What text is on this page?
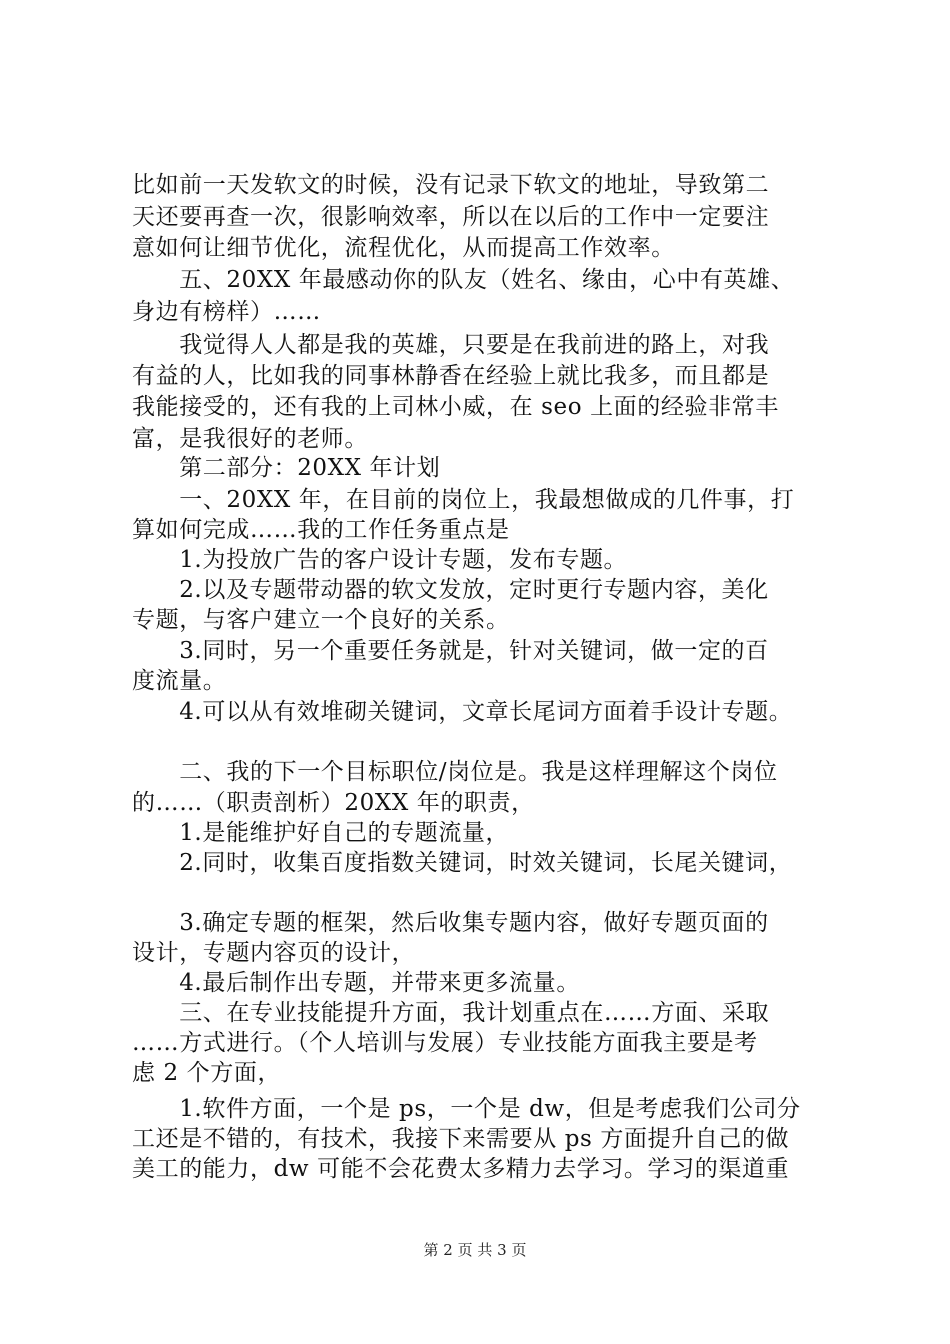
比如前一天发软文的时候，没有记录下软文的地址，导致第二

天还要再查一次，很影响效率，所以在以后的工作中一定要注

意如何让细节优化，流程优化，从而提高工作效率。

　　五、20XX 年最感动你的队友（姓名、缘由，心中有英雄、

身边有榜样）……

　　我觉得人人都是我的英雄，只要是在我前进的路上，对我

有益的人，比如我的同事林静香在经验上就比我多，而且都是

我能接受的，还有我的上司林小威，在 seo 上面的经验非常丰

富，是我很好的老师。

　　第二部分：20XX 年计划

　　一、20XX 年，在目前的岗位上，我最想做成的几件事，打

算如何完成……我的工作任务重点是

　　1.为投放广告的客户设计专题，发布专题。

　　2.以及专题带动器的软文发放，定时更行专题内容，美化

专题，与客户建立一个良好的关系。

　　3.同时，另一个重要任务就是，针对关键词，做一定的百

度流量。

　　4.可以从有效堆砌关键词，文章长尾词方面着手设计专题。

　　二、我的下一个目标职位/岗位是。我是这样理解这个岗位

的……（职责剖析）20XX 年的职责，

　　1.是能维护好自己的专题流量，

　　2.同时，收集百度指数关键词，时效关键词，长尾关键词，

　　3.确定专题的框架，然后收集专题内容，做好专题页面的

设计，专题内容页的设计，

　　4.最后制作出专题，并带来更多流量。

　　三、在专业技能提升方面，我计划重点在……方面、采取

……方式进行。（个人培训与发展）专业技能方面我主要是考

虑 2 个方面，

　　1.软件方面，一个是 ps，一个是 dw，但是考虑我们公司分

工还是不错的，有技术，我接下来需要从 ps 方面提升自己的做

美工的能力，dw 可能不会花费太多精力去学习。学习的渠道重

第 2 页 共 3 页
